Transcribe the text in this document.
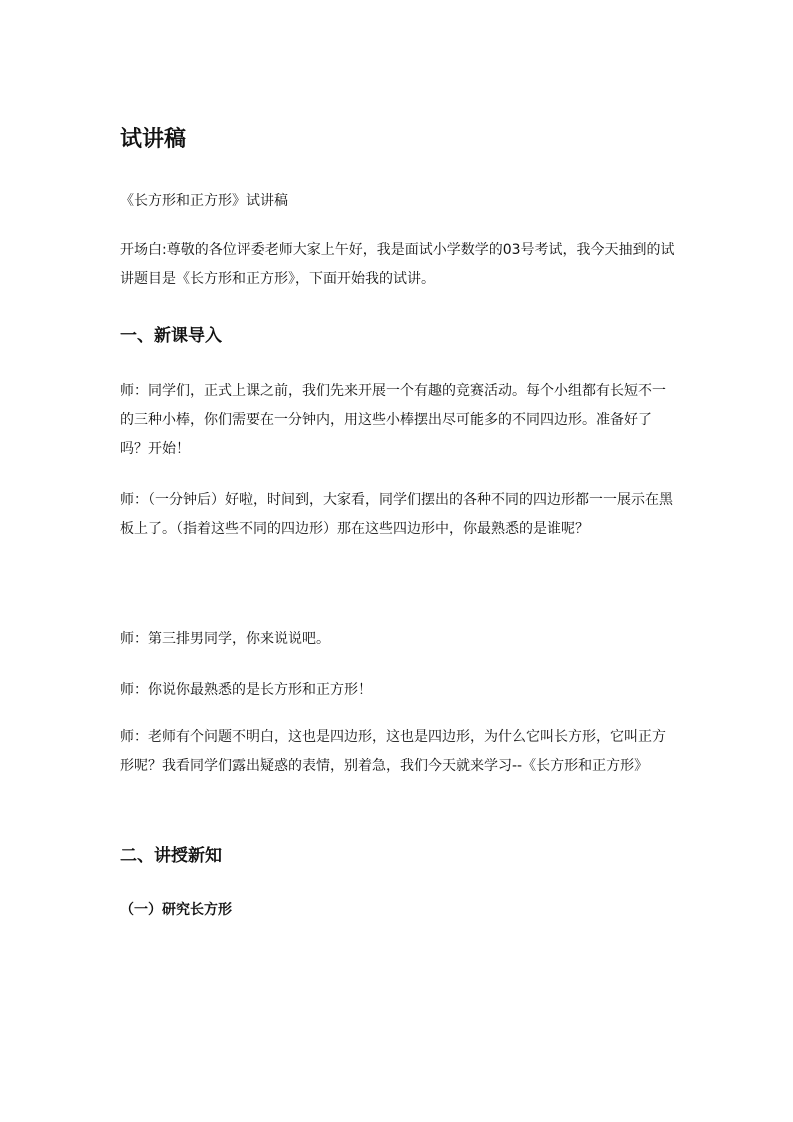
试讲稿

《长方形和正方形》试讲稿

开场白:尊敬的各位评委老师大家上午好，我是面试小学数学的03号考试，我今天抽到的试讲题目是《长方形和正方形》，下面开始我的试讲。

一、新课导入

师：同学们，正式上课之前，我们先来开展一个有趣的竞赛活动。每个小组都有长短不一的三种小棒，你们需要在一分钟内，用这些小棒摆出尽可能多的不同四边形。准备好了吗？开始！

师：（一分钟后）好啦，时间到，大家看，同学们摆出的各种不同的四边形都一一展示在黑板上了。（指着这些不同的四边形）那在这些四边形中，你最熟悉的是谁呢？

师：第三排男同学，你来说说吧。

师：你说你最熟悉的是长方形和正方形！

师：老师有个问题不明白，这也是四边形，这也是四边形，为什么它叫长方形，它叫正方形呢？我看同学们露出疑惑的表情，别着急，我们今天就来学习--《长方形和正方形》

二、讲授新知
（一）研究长方形
